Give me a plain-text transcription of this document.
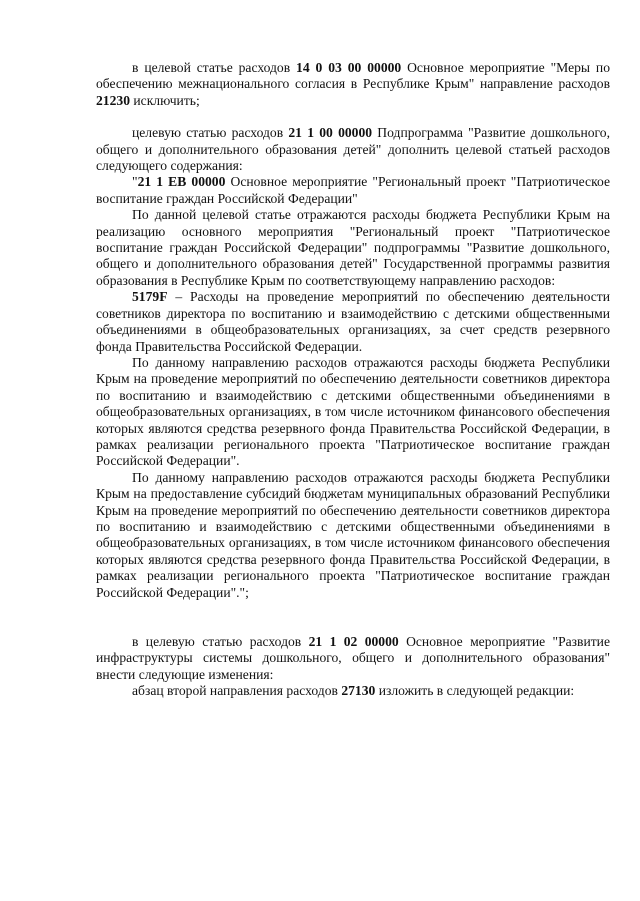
в целевой статье расходов 14 0 03 00 00000 Основное мероприятие "Меры по обеспечению межнационального согласия в Республике Крым" направление расходов 21230 исключить;

целевую статью расходов 21 1 00 00000 Подпрограмма "Развитие дошкольного, общего и дополнительного образования детей" дополнить целевой статьей расходов следующего содержания:

"21 1 EB 00000 Основное мероприятие "Региональный проект "Патриотическое воспитание граждан Российской Федерации"

По данной целевой статье отражаются расходы бюджета Республики Крым на реализацию основного мероприятия "Региональный проект "Патриотическое воспитание граждан Российской Федерации" подпрограммы "Развитие дошкольного, общего и дополнительного образования детей" Государственной программы развития образования в Республике Крым по соответствующему направлению расходов:

5179F – Расходы на проведение мероприятий по обеспечению деятельности советников директора по воспитанию и взаимодействию с детскими общественными объединениями в общеобразовательных организациях, за счет средств резервного фонда Правительства Российской Федерации.

По данному направлению расходов отражаются расходы бюджета Республики Крым на проведение мероприятий по обеспечению деятельности советников директора по воспитанию и взаимодействию с детскими общественными объединениями в общеобразовательных организациях, в том числе источником финансового обеспечения которых являются средства резервного фонда Правительства Российской Федерации, в рамках реализации регионального проекта "Патриотическое воспитание граждан Российской Федерации".

По данному направлению расходов отражаются расходы бюджета Республики Крым на предоставление субсидий бюджетам муниципальных образований Республики Крым на проведение мероприятий по обеспечению деятельности советников директора по воспитанию и взаимодействию с детскими общественными объединениями в общеобразовательных организациях, в том числе источником финансового обеспечения которых являются средства резервного фонда Правительства Российской Федерации, в рамках реализации регионального проекта "Патриотическое воспитание граждан Российской Федерации".";

в целевую статью расходов 21 1 02 00000 Основное мероприятие "Развитие инфраструктуры системы дошкольного, общего и дополнительного образования" внести следующие изменения:

абзац второй направления расходов 27130 изложить в следующей редакции:
